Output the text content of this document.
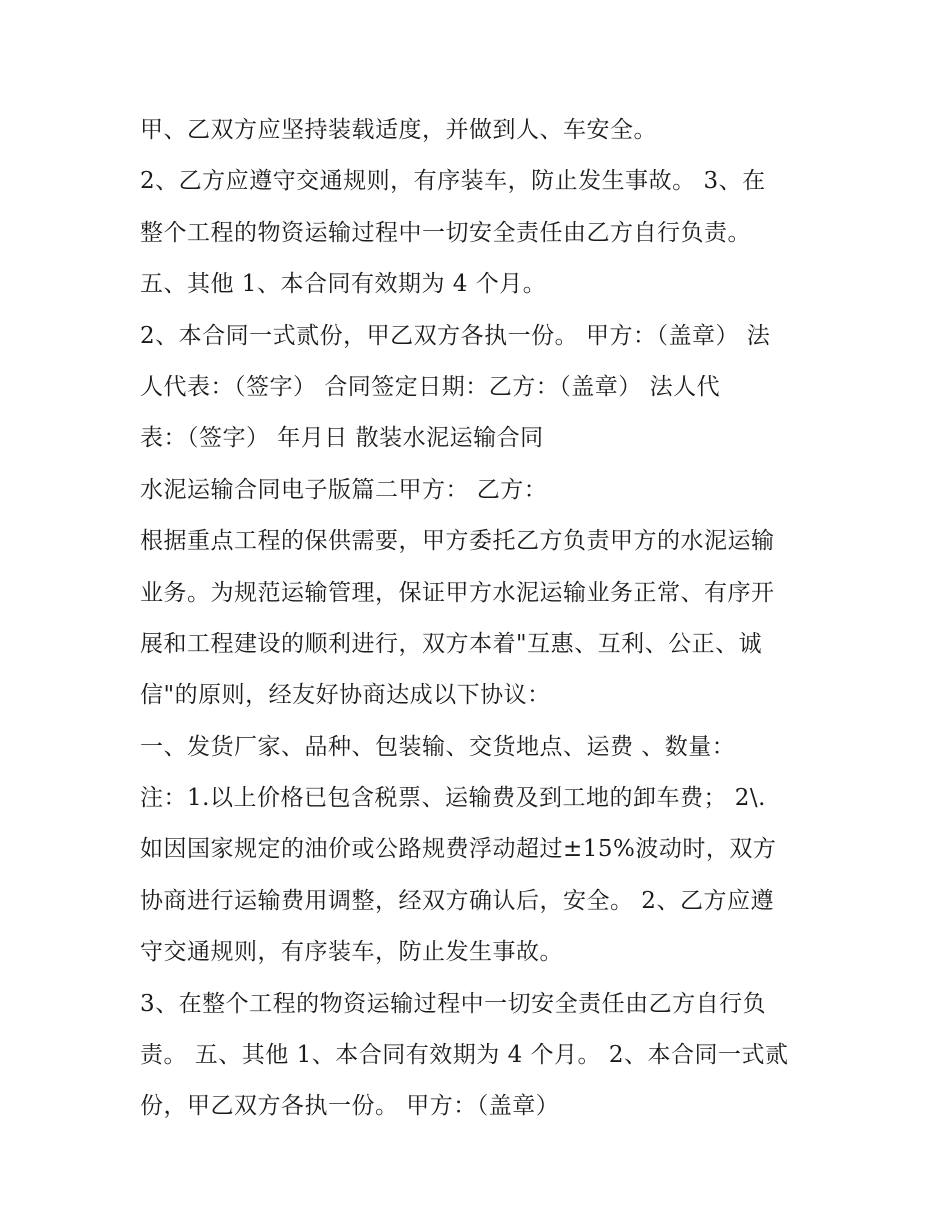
甲、乙双方应坚持装载适度，并做到人、车安全。

2、乙方应遵守交通规则，有序装车，防止发生事故。 3、在

整个工程的物资运输过程中一切安全责任由乙方自行负责。

五、其他 1、本合同有效期为 4 个月。

2、本合同一式贰份，甲乙双方各执一份。 甲方：（盖章） 法

人代表：（签字） 合同签定日期：乙方：（盖章） 法人代

表：（签字） 年月日 散装水泥运输合同

水泥运输合同电子版篇二甲方： 乙方：

根据重点工程的保供需要，甲方委托乙方负责甲方的水泥运输

业务。为规范运输管理，保证甲方水泥运输业务正常、有序开

展和工程建设的顺利进行，双方本着"互惠、互利、公正、诚

信"的原则，经友好协商达成以下协议：

一、发货厂家、品种、包装输、交货地点、运费 、数量：

注：1.以上价格已包含税票、运输费及到工地的卸车费； 2\.

如因国家规定的油价或公路规费浮动超过±15%波动时，双方

协商进行运输费用调整，经双方确认后，安全。 2、乙方应遵

守交通规则，有序装车，防止发生事故。

3、在整个工程的物资运输过程中一切安全责任由乙方自行负

责。 五、其他 1、本合同有效期为 4 个月。 2、本合同一式贰

份，甲乙双方各执一份。 甲方：（盖章）
